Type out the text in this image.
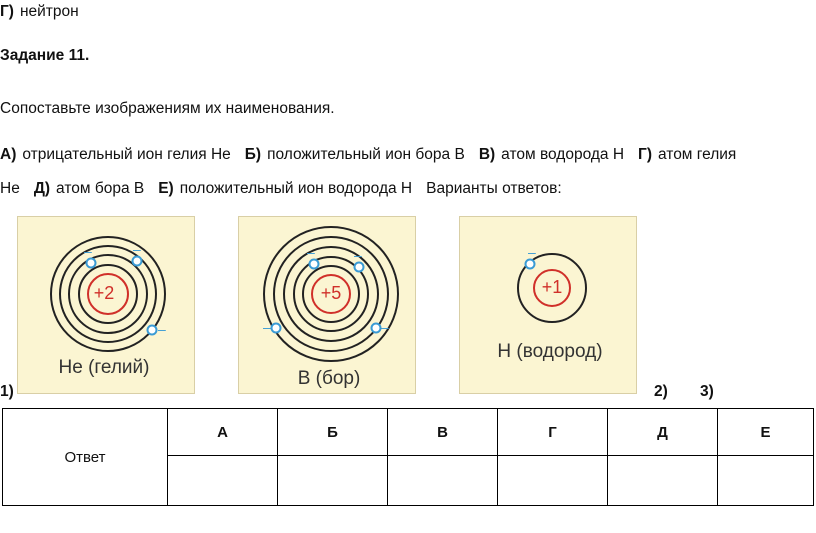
Г) нейтрон
Задание 11.
Сопоставьте изображениям их наименования.
А) отрицательный ион гелия Не Б) положительный ион бора В В) атом водорода Н Г) атом гелия
Не Д) атом бора В Е) положительный ион водорода Н Варианты ответов:
–	–
–
+2
Не (гелий)
–	–
–	–
+5
В (бор)
–
+1
Н (водород)
1)	2) 3)
Ответ	А	Б	В	Г	Д	Е
